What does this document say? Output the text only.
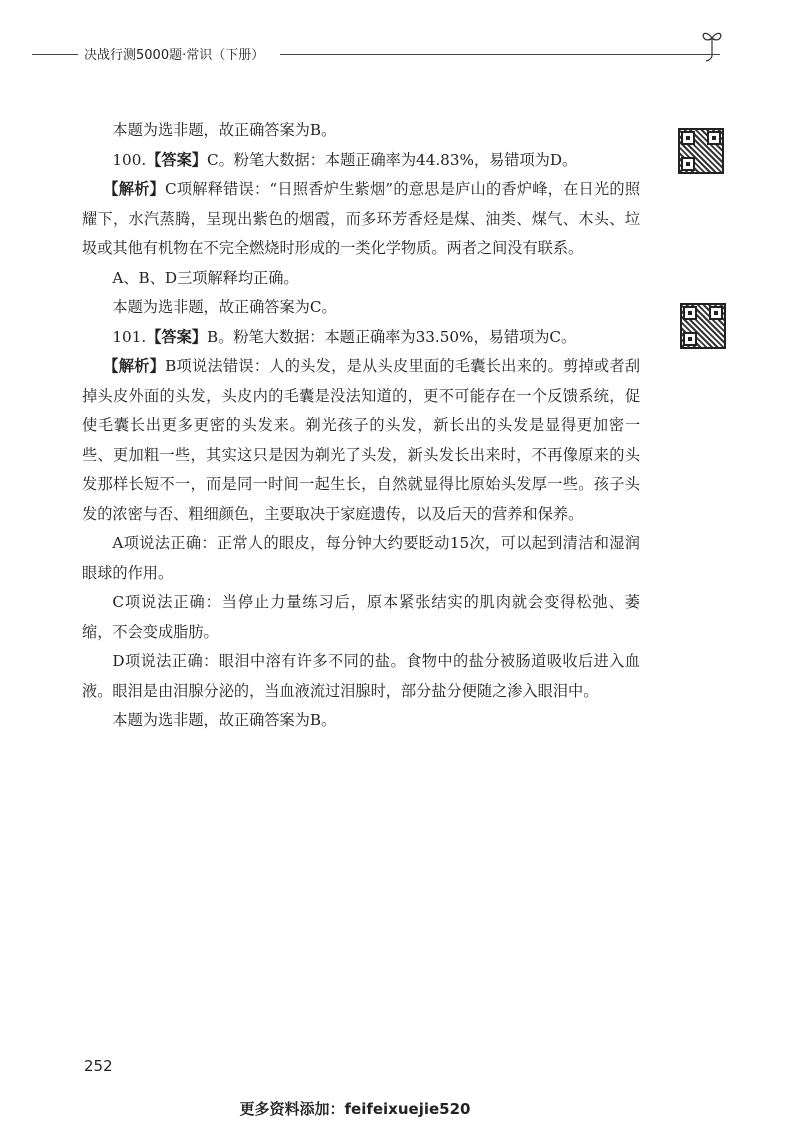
决战行测5000题·常识（下册）

本题为选非题，故正确答案为B。

100.【答案】C。粉笔大数据：本题正确率为44.83%，易错项为D。

【解析】C项解释错误：“日照香炉生紫烟”的意思是庐山的香炉峰，在日光的照耀下，水汽蒸腾，呈现出紫色的烟霞，而多环芳香烃是煤、油类、煤气、木头、垃圾或其他有机物在不完全燃烧时形成的一类化学物质。两者之间没有联系。

A、B、D三项解释均正确。

本题为选非题，故正确答案为C。

101.【答案】B。粉笔大数据：本题正确率为33.50%，易错项为C。

【解析】B项说法错误：人的头发，是从头皮里面的毛囊长出来的。剪掉或者刮掉头皮外面的头发，头皮内的毛囊是没法知道的，更不可能存在一个反馈系统，促使毛囊长出更多更密的头发来。剃光孩子的头发，新长出的头发是显得更加密一些、更加粗一些，其实这只是因为剃光了头发，新头发长出来时，不再像原来的头发那样长短不一，而是同一时间一起生长，自然就显得比原始头发厚一些。孩子头发的浓密与否、粗细颜色，主要取决于家庭遗传，以及后天的营养和保养。

A项说法正确：正常人的眼皮，每分钟大约要眨动15次，可以起到清洁和湿润眼球的作用。

C项说法正确：当停止力量练习后，原本紧张结实的肌肉就会变得松弛、萎缩，不会变成脂肪。

D项说法正确：眼泪中溶有许多不同的盐。食物中的盐分被肠道吸收后进入血液。眼泪是由泪腺分泌的，当血液流过泪腺时，部分盐分便随之渗入眼泪中。

本题为选非题，故正确答案为B。

252
更多资料添加：feifeixuejie520
